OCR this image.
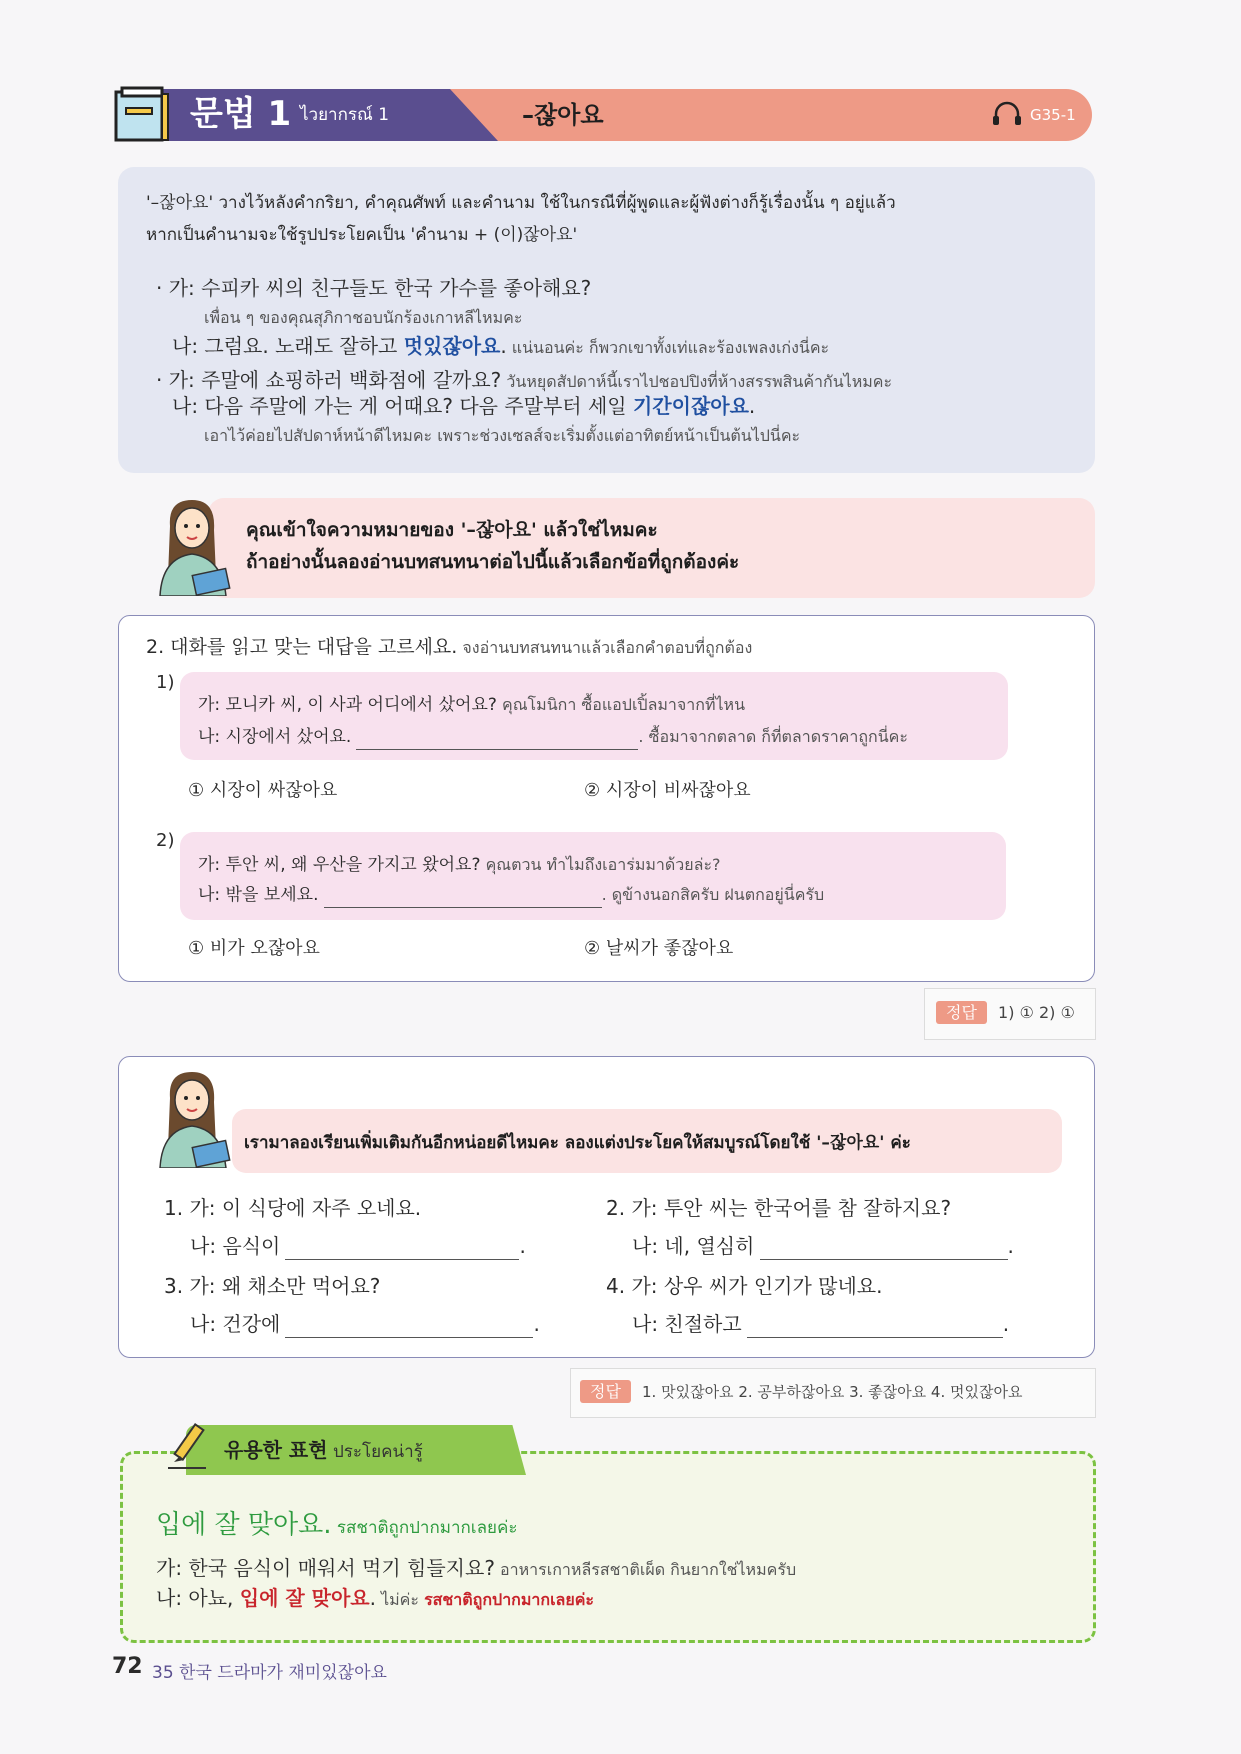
문법 1 ไวยากรณ์ 1	–잖아요	G35-1
'–잖아요' วางไว้หลังคำกริยา, คำคุณศัพท์ และคำนาม ใช้ในกรณีที่ผู้พูดและผู้ฟังต่างก็รู้เรื่องนั้น ๆ อยู่แล้ว
หากเป็นคำนามจะใช้รูปประโยคเป็น 'คำนาม + (이)잖아요'
· 가: 수피카 씨의 친구들도 한국 가수를 좋아해요?
เพื่อน ๆ ของคุณสุภิกาชอบนักร้องเกาหลีไหมคะ
나: 그럼요. 노래도 잘하고 멋있잖아요. แน่นอนค่ะ ก็พวกเขาทั้งเท่และร้องเพลงเก่งนี่คะ
· 가: 주말에 쇼핑하러 백화점에 갈까요? วันหยุดสัปดาห์นี้เราไปชอปปิงที่ห้างสรรพสินค้ากันไหมคะ
나: 다음 주말에 가는 게 어때요? 다음 주말부터 세일 기간이잖아요.
เอาไว้ค่อยไปสัปดาห์หน้าดีไหมคะ เพราะช่วงเซลส์จะเริ่มตั้งแต่อาทิตย์หน้าเป็นต้นไปนี่คะ
คุณเข้าใจความหมายของ '–잖아요' แล้วใช่ไหมคะ
ถ้าอย่างนั้นลองอ่านบทสนทนาต่อไปนี้แล้วเลือกข้อที่ถูกต้องค่ะ
2. 대화를 읽고 맞는 대답을 고르세요. จงอ่านบทสนทนาแล้วเลือกคำตอบที่ถูกต้อง
1)
가: 모니카 씨, 이 사과 어디에서 샀어요? คุณโมนิกา ซื้อแอปเปิ้ลมาจากที่ไหน
나: 시장에서 샀어요.	. ซื้อมาจากตลาด ก็ที่ตลาดราคาถูกนี่คะ
① 시장이 싸잖아요	② 시장이 비싸잖아요
2)
가: 투안 씨, 왜 우산을 가지고 왔어요? คุณตวน ทำไมถึงเอาร่มมาด้วยล่ะ?
나: 밖을 보세요.	. ดูข้างนอกสิครับ ฝนตกอยู่นี่ครับ
① 비가 오잖아요	② 날씨가 좋잖아요
정답 1) ① 2) ①
เรามาลองเรียนเพิ่มเติมกันอีกหน่อยดีไหมคะ ลองแต่งประโยคให้สมบูรณ์โดยใช้ '–잖아요' ค่ะ
1. 가: 이 식당에 자주 오네요.
나: 음식이	.
2. 가: 투안 씨는 한국어를 참 잘하지요?
나: 네, 열심히	.
3. 가: 왜 채소만 먹어요?
나: 건강에	.
4. 가: 상우 씨가 인기가 많네요.
나: 친절하고	.
정답 1. 맛있잖아요 2. 공부하잖아요 3. 좋잖아요 4. 멋있잖아요
유용한 표현 ประโยคน่ารู้
입에 잘 맞아요. รสชาติถูกปากมากเลยค่ะ
가: 한국 음식이 매워서 먹기 힘들지요? อาหารเกาหลีรสชาติเผ็ด กินยากใช่ไหมครับ
나: 아뇨, 입에 잘 맞아요. ไม่ค่ะ รสชาติถูกปากมากเลยค่ะ
72 35 한국 드라마가 재미있잖아요
